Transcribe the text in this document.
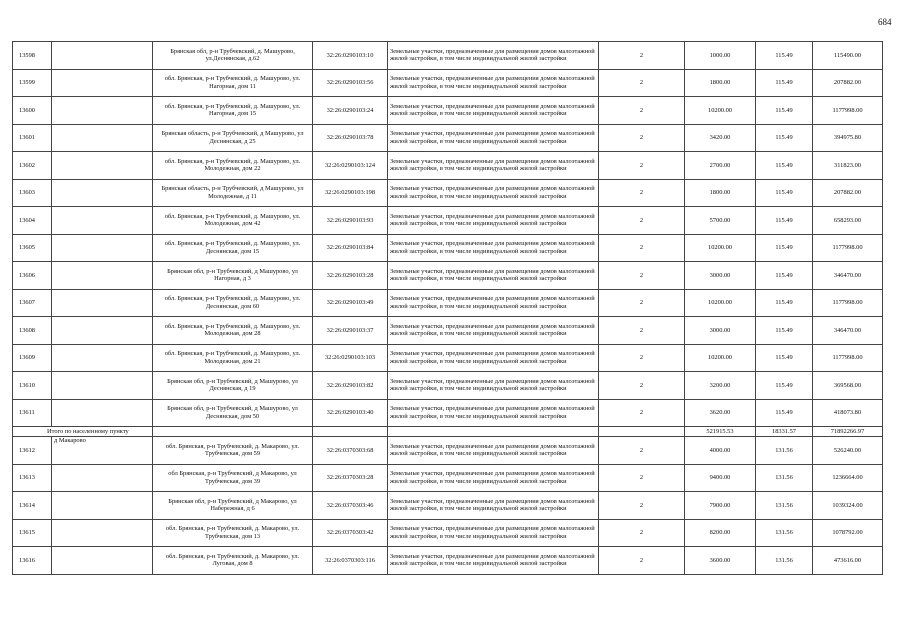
684
13598		Брянская обл, р-н Трубчевский, д. Машурово, ул.Деснянская, д.62	32:26:0290103:10	Земельные участки, предназначенные для размещения домов малоэтажной жилой застройки, в том числе индивидуальной жилой застройки	2	1000.00	115.49	115490.00
13599		обл. Брянская, р-н Трубчевский, д. Машурово, ул. Нагорная, дом 11	32:26:0290103:56	Земельные участки, предназначенные для размещения домов малоэтажной жилой застройки, в том числе индивидуальной жилой застройки	2	1800.00	115.49	207882.00
13600		обл. Брянская, р-н Трубчевский, д. Машурово, ул. Нагорная, дом 15	32:26:0290103:24	Земельные участки, предназначенные для размещения домов малоэтажной жилой застройки, в том числе индивидуальной жилой застройки	2	10200.00	115.49	1177998.00
13601		Брянская область, р-н Трубчевский, д Машурово, ул Деснянская, д 25	32:26:0290103:78	Земельные участки, предназначенные для размещения домов малоэтажной жилой застройки, в том числе индивидуальной жилой застройки	2	3420.00	115.49	394975.80
13602		обл. Брянская, р-н Трубчевский, д. Машурово, ул. Молодежная, дом 22	32:26:0290103:124	Земельные участки, предназначенные для размещения домов малоэтажной жилой застройки, в том числе индивидуальной жилой застройки	2	2700.00	115.49	311823.00
13603		Брянская область, р-н Трубчевский, д Машурово, ул Молодежная, д 11	32:26:0290103:198	Земельные участки, предназначенные для размещения домов малоэтажной жилой застройки, в том числе индивидуальной жилой застройки	2	1800.00	115.49	207882.00
13604		обл. Брянская, р-н Трубчевский, д. Машурово, ул. Молодежная, дом 42	32:26:0290103:93	Земельные участки, предназначенные для размещения домов малоэтажной жилой застройки, в том числе индивидуальной жилой застройки	2	5700.00	115.49	658293.00
13605		обл. Брянская, р-н Трубчевский, д. Машурово, ул. Деснянская, дом 15	32:26:0290103:84	Земельные участки, предназначенные для размещения домов малоэтажной жилой застройки, в том числе индивидуальной жилой застройки	2	10200.00	115.49	1177998.00
13606		Брянская обл, р-н Трубчевский, д Машурово, ул Нагорная, д 3	32:26:0290103:28	Земельные участки, предназначенные для размещения домов малоэтажной жилой застройки, в том числе индивидуальной жилой застройки	2	3000.00	115.49	346470.00
13607		обл. Брянская, р-н Трубчевский, д. Машурово, ул. Деснянская, дом 60	32:26:0290103:49	Земельные участки, предназначенные для размещения домов малоэтажной жилой застройки, в том числе индивидуальной жилой застройки	2	10200.00	115.49	1177998.00
13608		обл. Брянская, р-н Трубчевский, д. Машурово, ул. Молодежная, дом 28	32:26:0290103:37	Земельные участки, предназначенные для размещения домов малоэтажной жилой застройки, в том числе индивидуальной жилой застройки	2	3000.00	115.49	346470.00
13609		обл. Брянская, р-н Трубчевский, д. Машурово, ул. Молодежная, дом 21	32:26:0290103:103	Земельные участки, предназначенные для размещения домов малоэтажной жилой застройки, в том числе индивидуальной жилой застройки	2	10200.00	115.49	1177998.00
13610		Брянская обл, р-н Трубчевский, д Машурово, ул Деснянская, д 19	32:26:0290103:82	Земельные участки, предназначенные для размещения домов малоэтажной жилой застройки, в том числе индивидуальной жилой застройки	2	3200.00	115.49	369568.00
13611		Брянская обл, р-н Трубчевский, д Машурово, ул Деснянская, дом 50	32:26:0290103:40	Земельные участки, предназначенные для размещения домов малоэтажной жилой застройки, в том числе индивидуальной жилой застройки	2	3620.00	115.49	418073.80
Итого по населенному пункту						521915.53	18331.57	71892266.97
13612	д Макарово	обл. Брянская, р-н Трубчевский, д. Макарово, ул. Трубчевская, дом 59	32:26:0370303:68	Земельные участки, предназначенные для размещения домов малоэтажной жилой застройки, в том числе индивидуальной жилой застройки	2	4000.00	131.56	526240.00
13613		обл Брянская, р-н Трубчевский, д Макарово, ул Трубчевская, дом 39	32:26:0370303:28	Земельные участки, предназначенные для размещения домов малоэтажной жилой застройки, в том числе индивидуальной жилой застройки	2	9400.00	131.56	1236664.00
13614		Брянская обл, р-н Трубчевский, д Макарово, ул Набережная, д 6	32:26:0370303:46	Земельные участки, предназначенные для размещения домов малоэтажной жилой застройки, в том числе индивидуальной жилой застройки	2	7900.00	131.56	1039324.00
13615		обл. Брянская, р-н Трубчевский, д. Макарово, ул. Трубчевская, дом 13	32:26:0370303:42	Земельные участки, предназначенные для размещения домов малоэтажной жилой застройки, в том числе индивидуальной жилой застройки	2	8200.00	131.56	1078792.00
13616		обл. Брянская, р-н Трубчевский, д. Макарово, ул. Луговая, дом 8	32:26:0370303:116	Земельные участки, предназначенные для размещения домов малоэтажной жилой застройки, в том числе индивидуальной жилой застройки	2	3600.00	131.56	473616.00
